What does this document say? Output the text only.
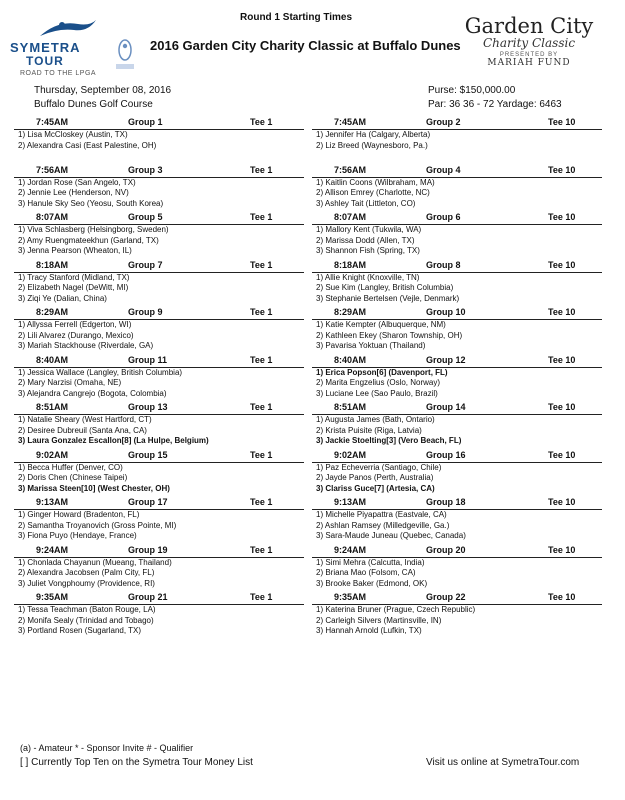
SYMETRA
TOUR
ROAD TO THE LPGA
Round 1 Starting Times
2016 Garden City Charity Classic at Buffalo Dunes
Garden City
Charity Classic
PRESENTED BY
MARIAH FUND
Thursday, September 08, 2016
Buffalo Dunes Golf Course
Purse: $150,000.00
Par: 36 36 - 72 Yardage: 6463
7:45AM	Group 1	Tee 1
1) Lisa McCloskey (Austin, TX)
2) Alexandra Casi (East Palestine, OH)
7:56AM	Group 3	Tee 1
1) Jordan Rose (San Angelo, TX)
2) Jennie Lee (Henderson, NV)
3) Hanule Sky Seo (Yeosu, South Korea)
8:07AM	Group 5	Tee 1
1) Viva Schlasberg (Helsingborg, Sweden)
2) Amy Ruengmateekhun (Garland, TX)
3) Jenna Pearson (Wheaton, IL)
8:18AM	Group 7	Tee 1
1) Tracy Stanford (Midland, TX)
2) Elizabeth Nagel (DeWitt, MI)
3) Ziqi Ye (Dalian, China)
8:29AM	Group 9	Tee 1
1) Allyssa Ferrell (Edgerton, WI)
2) Lili Alvarez (Durango, Mexico)
3) Mariah Stackhouse (Riverdale, GA)
8:40AM	Group 11	Tee 1
1) Jessica Wallace (Langley, British Columbia)
2) Mary Narzisi (Omaha, NE)
3) Alejandra Cangrejo (Bogota, Colombia)
8:51AM	Group 13	Tee 1
1) Natalie Sheary (West Hartford, CT)
2) Desiree Dubreuil (Santa Ana, CA)
3) Laura Gonzalez Escallon[8] (La Hulpe, Belgium)
9:02AM	Group 15	Tee 1
1) Becca Huffer (Denver, CO)
2) Doris Chen (Chinese Taipei)
3) Marissa Steen[10] (West Chester, OH)
9:13AM	Group 17	Tee 1
1) Ginger Howard (Bradenton, FL)
2) Samantha Troyanovich (Gross Pointe, MI)
3) Fiona Puyo (Hendaye, France)
9:24AM	Group 19	Tee 1
1) Chonlada Chayanun (Mueang, Thailand)
2) Alexandra Jacobsen (Palm City, FL)
3) Juliet Vongphoumy (Providence, RI)
9:35AM	Group 21	Tee 1
1) Tessa Teachman (Baton Rouge, LA)
2) Monifa Sealy (Trinidad and Tobago)
3) Portland Rosen (Sugarland, TX)
7:45AM	Group 2	Tee 10
1) Jennifer Ha (Calgary, Alberta)
2) Liz Breed (Waynesboro, Pa.)
7:56AM	Group 4	Tee 10
1) Kaitlin Coons (Wilbraham, MA)
2) Allison Emrey (Charlotte, NC)
3) Ashley Tait (Littleton, CO)
8:07AM	Group 6	Tee 10
1) Mallory Kent (Tukwila, WA)
2) Marissa Dodd (Allen, TX)
3) Shannon Fish (Spring, TX)
8:18AM	Group 8	Tee 10
1) Allie Knight (Knoxville, TN)
2) Sue Kim (Langley, British Columbia)
3) Stephanie Bertelsen (Vejle, Denmark)
8:29AM	Group 10	Tee 10
1) Katie Kempter (Albuquerque, NM)
2) Kathleen Ekey (Sharon Township, OH)
3) Pavarisa Yoktuan (Thailand)
8:40AM	Group 12	Tee 10
1) Erica Popson[6] (Davenport, FL)
2) Marita Engzelius (Oslo, Norway)
3) Luciane Lee (Sao Paulo, Brazil)
8:51AM	Group 14	Tee 10
1) Augusta James (Bath, Ontario)
2) Krista Puisite (Riga, Latvia)
3) Jackie Stoelting[3] (Vero Beach, FL)
9:02AM	Group 16	Tee 10
1) Paz Echeverria (Santiago, Chile)
2) Jayde Panos (Perth, Australia)
3) Clariss Guce[7] (Artesia, CA)
9:13AM	Group 18	Tee 10
1) Michelle Piyapattra (Eastvale, CA)
2) Ashlan Ramsey (Milledgeville, Ga.)
3) Sara-Maude Juneau (Quebec, Canada)
9:24AM	Group 20	Tee 10
1) Simi Mehra (Calcutta, India)
2) Briana Mao (Folsom, CA)
3) Brooke Baker (Edmond, OK)
9:35AM	Group 22	Tee 10
1) Katerina Bruner (Prague, Czech Republic)
2) Carleigh Silvers (Martinsville, IN)
3) Hannah Arnold (Lufkin, TX)
(a) - Amateur * - Sponsor Invite # - Qualifier
[ ] Currently Top Ten on the Symetra Tour Money List	Visit us online at SymetraTour.com
